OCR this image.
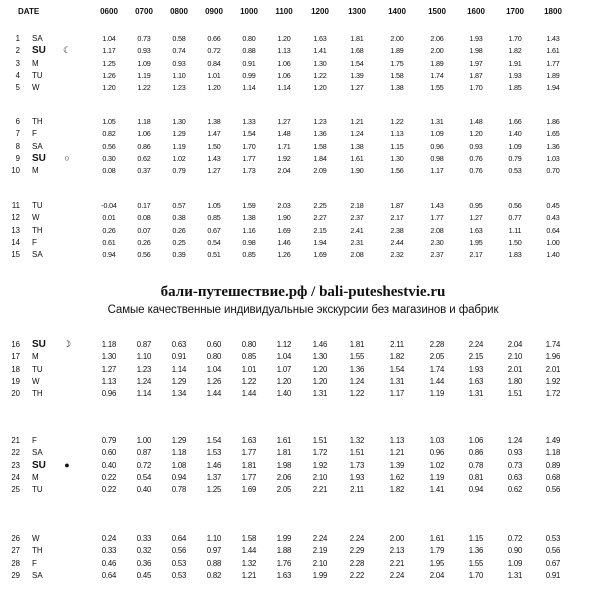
DATE	0600	0700	0800	0900	1000	1100	1200	1300	1400	1500	1600	1700	1800
1 SA	1.04	0.73	0.58	0.66	0.80	1.20	1.63	1.81	2.00	2.06	1.93	1.70	1.43
2 SU	☾	1.17	0.93	0.74	0.72	0.88	1.13	1.41	1.68	1.89	2.00	1.98	1.82	1.61
3 M	1.25	1.09	0.93	0.84	0.91	1.06	1.30	1.54	1.75	1.89	1.97	1.91	1.77
4 TU	1.26	1.19	1.10	1.01	0.99	1.06	1.22	1.39	1.58	1.74	1.87	1.93	1.89
5 W	1.20	1.22	1.23	1.20	1.14	1.14	1.20	1.27	1.38	1.55	1.70	1.85	1.94
6 TH	1.05	1.18	1.30	1.38	1.33	1.27	1.23	1.21	1.22	1.31	1.48	1.66	1.86
7 F	0.82	1.06	1.29	1.47	1.54	1.48	1.36	1.24	1.13	1.09	1.20	1.40	1.65
8 SA	0.56	0.86	1.19	1.50	1.70	1.71	1.58	1.38	1.15	0.96	0.93	1.09	1.36
9 SU	○	0.30	0.62	1.02	1.43	1.77	1.92	1.84	1.61	1.30	0.98	0.76	0.79	1.03
10 M	0.08	0.37	0.79	1.27	1.73	2.04	2.09	1.90	1.56	1.17	0.76	0.53	0.70
11 TU	-0.04	0.17	0.57	1.05	1.59	2.03	2.25	2.18	1.87	1.43	0.95	0.56	0.45
12 W	0.01	0.08	0.38	0.85	1.38	1.90	2.27	2.37	2.17	1.77	1.27	0.77	0.43
13 TH	0.26	0.07	0.26	0.67	1.16	1.69	2.15	2.41	2.38	2.08	1.63	1.11	0.64
14 F	0.61	0.26	0.25	0.54	0.98	1.46	1.94	2.31	2.44	2.30	1.95	1.50	1.00
15 SA	0.94	0.56	0.39	0.51	0.85	1.26	1.69	2.08	2.32	2.37	2.17	1.83	1.40
16 SU	☽	1.18	0.87	0.63	0.60	0.80	1.12	1.46	1.81	2.11	2.28	2.24	2.04	1.74
17 M	1.30	1.10	0.91	0.80	0.85	1.04	1.30	1.55	1.82	2.05	2.15	2.10	1.96
18 TU	1.27	1.23	1.14	1.04	1.01	1.07	1.20	1.36	1.54	1.74	1.93	2.01	2.01
19 W	1.13	1.24	1.29	1.26	1.22	1.20	1.20	1.24	1.31	1.44	1.63	1.80	1.92
20 TH	0.96	1.14	1.34	1.44	1.44	1.40	1.31	1.22	1.17	1.19	1.31	1.51	1.72
21 F	0.79	1.00	1.29	1.54	1.63	1.61	1.51	1.32	1.13	1.03	1.06	1.24	1.49
22 SA	0.60	0.87	1.18	1.53	1.77	1.81	1.72	1.51	1.21	0.96	0.86	0.93	1.18
23 SU	●	0.40	0.72	1.08	1.46	1.81	1.98	1.92	1.73	1.39	1.02	0.78	0.73	0.89
24 M	0.22	0.54	0.94	1.37	1.77	2.06	2.10	1.93	1.62	1.19	0.81	0.63	0.68
25 TU	0.22	0.40	0.78	1.25	1.69	2.05	2.21	2.11	1.82	1.41	0.94	0.62	0.56
26 W	0.24	0.33	0.64	1.10	1.58	1.99	2.24	2.24	2.00	1.61	1.15	0.72	0.53
27 TH	0.33	0.32	0.56	0.97	1.44	1.88	2.19	2.29	2.13	1.79	1.36	0.90	0.56
28 F	0.46	0.36	0.53	0.88	1.32	1.76	2.10	2.28	2.21	1.95	1.55	1.09	0.67
29 SA	0.64	0.45	0.53	0.82	1.21	1.63	1.99	2.22	2.24	2.04	1.70	1.31	0.91
бали-путешествие.рф / bali-puteshestvie.ru
Самые качественные индивидуальные экскурсии без магазинов и фабрик
